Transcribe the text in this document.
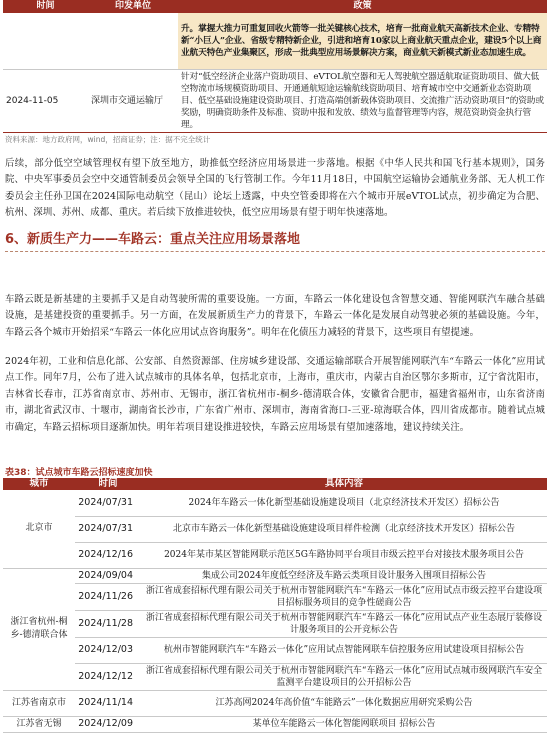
时间	印发单位	政策
		升。掌握大推力可重复回收火箭等一批关键核心技术，培育一批商业航天高新技术企业、专精特新“小巨人”企业、省级专精特新企业，引进和培育10家以上商业航天重点企业，建设5个以上商业航天特色产业集聚区，形成一批典型应用场景解决方案，商业航天新模式新业态加速生成。
2024-11-05	深圳市交通运输厅	针对“低空经济企业落户资助项目、eVTOL航空器和无人驾驶航空器适航取证资助项目、做大低空物流市场规模资助项目、开通通航短途运输航线资助项目、培育城市空中交通新业态资助项目、低空基础设施建设资助项目、打造高端创新载体资助项目、交流推广活动资助项目”的资助或奖励，明确资助条件及标准、资助申报和发放、绩效与监督管理等内容，规范资助资金执行管理。
资料来源：地方政府网，wind，招商证券；注：据不完全统计

后续，部分低空空域管理权有望下放至地方，助推低空经济应用场景进一步落地。根据《中华人民共和国飞行基本规则》，国务院、中央军事委员会空中交通管制委员会领导全国的飞行管制工作。今年11月18日，中国航空运输协会通航业务部、无人机工作委员会主任孙卫国在2024国际电动航空（昆山）论坛上透露，中央空管委即将在六个城市开展eVTOL试点，初步确定为合肥、杭州、深圳、苏州、成都、重庆。若后续下放推进较快，低空应用场景有望于明年快速落地。

6、新质生产力——车路云：重点关注应用场景落地

车路云既是新基建的主要抓手又是自动驾驶所需的重要设施。一方面，车路云一体化建设包含智慧交通、智能网联汽车融合基础设施，是基建投资的重要抓手。另一方面，在发展新质生产力的背景下，车路云一体化是发展自动驾驶必须的基础设施。今年，车路云各个城市开始招采“车路云一体化应用试点咨询服务”。明年在化债压力减轻的背景下，这些项目有望提速。

2024年初，工业和信息化部、公安部、自然资源部、住房城乡建设部、交通运输部联合开展智能网联汽车“车路云一体化”应用试点工作。同年7月，公布了进入试点城市的具体名单，包括北京市，上海市，重庆市，内蒙古自治区鄂尔多斯市，辽宁省沈阳市，吉林省长春市，江苏省南京市、苏州市、无锡市，浙江省杭州市-桐乡-德清联合体，安徽省合肥市，福建省福州市，山东省济南市，湖北省武汉市、十堰市，湖南省长沙市，广东省广州市、深圳市，海南省海口-三亚-琼海联合体，四川省成都市。随着试点城市确定，车路云招标项目逐渐加快。明年若项目建设推进较快，车路云应用场景有望加速落地，建议持续关注。

表38：试点城市车路云招标速度加快
城市	时间	具体内容
北京市	2024/07/31	2024年车路云一体化新型基础设施建设项目（北京经济技术开发区）招标公告
	2024/07/31	北京市车路云一体化新型基础设施建设项目样件检测（北京经济技术开发区）招标公告
	2024/12/16	2024年某市某区智能网联示范区5G车路协同平台项目市级云控平台对接技术服务项目公告
浙江省杭州-桐乡-德清联合体	2024/09/04	集成公司2024年度低空经济及车路云类项目设计服务入围项目招标公告
	2024/11/26	浙江省成套招标代理有限公司关于杭州市智能网联汽车“车路云一体化”应用试点市级云控平台建设项目招标服务项目的竞争性磋商公告
	2024/11/28	浙江省成套招标代理有限公司关于杭州市智能网联汽车“车路云一体化”应用试点产业生态展厅装修设计服务项目的公开竞标公告
	2024/12/03	杭州市智能网联汽车“车路云一体化”应用试点智能网联车信控服务应用试建设项目招标公告
	2024/12/12	浙江省成套招标代理有限公司关于杭州市智能网联汽车“车路云一体化”应用试点城市级网联汽车安全监测平台建设项目的公开招标公告
江苏省南京市	2024/11/14	江苏高网2024年高价值“车能路云”一体化数据应用研究采购公告
江苏省无锡	2024/12/09	某单位车能路云一体化智能网联项目 招标公告
